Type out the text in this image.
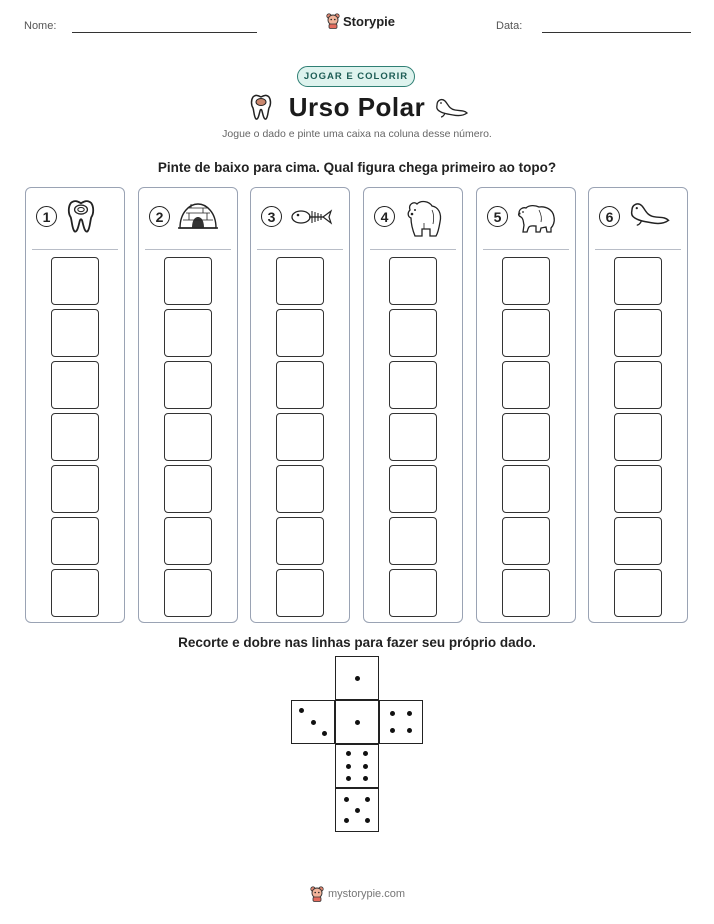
Nome:	Data:
Storypie
JOGAR E COLORIR
Urso Polar
Jogue o dado e pinte uma caixa na coluna desse número.
Pinte de baixo para cima. Qual figura chega primeiro ao topo?
1	2	3	4	5	6
Recorte e dobre nas linhas para fazer seu próprio dado.
mystorypie.com
